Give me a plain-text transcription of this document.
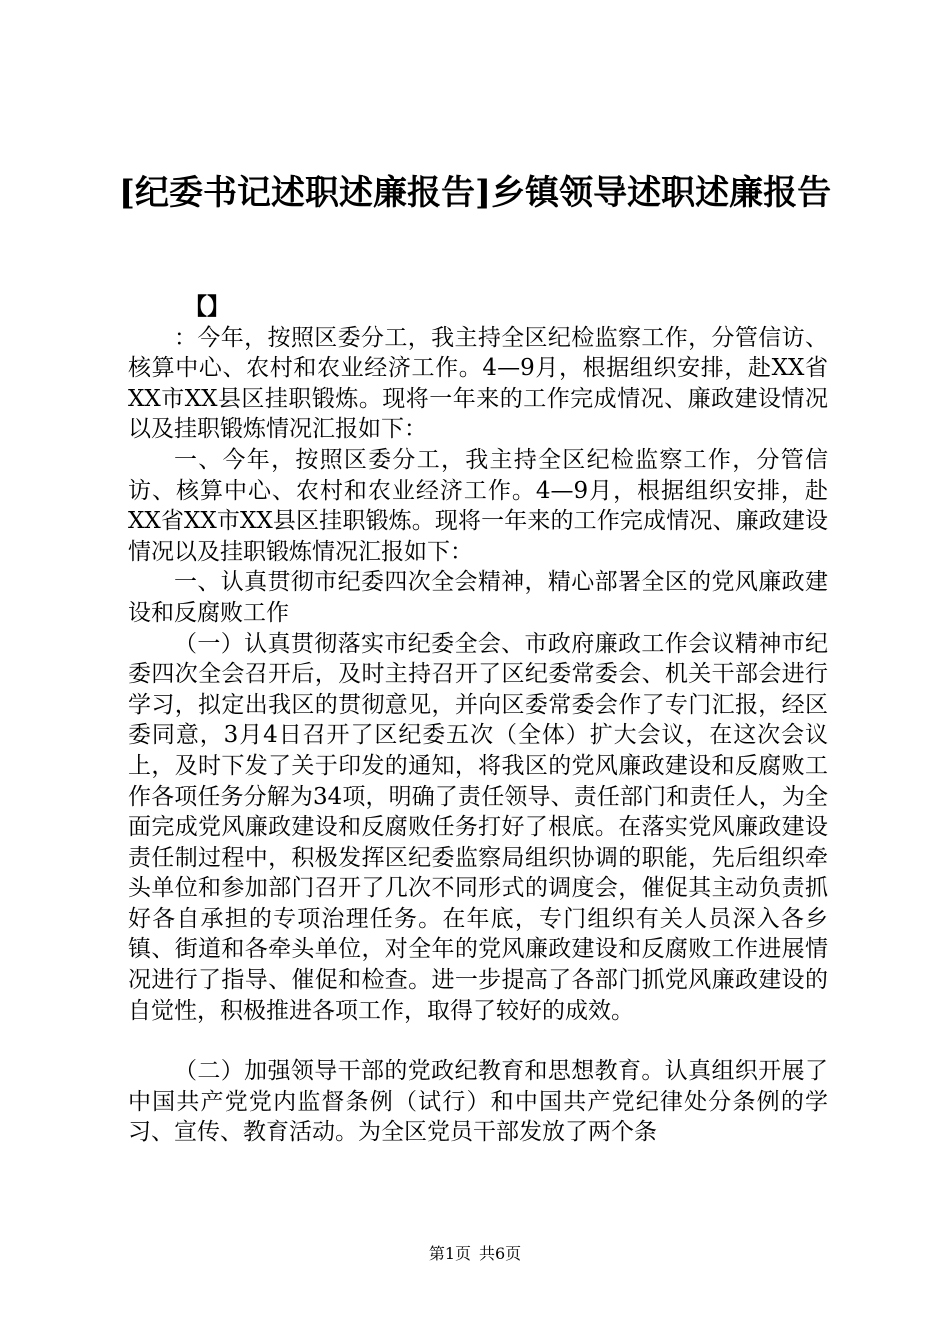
[纪委书记述职述廉报告]乡镇领导述职述廉报告

【】

：今年，按照区委分工，我主持全区纪检监察工作，分管信访、核算中心、农村和农业经济工作。4—9月，根据组织安排，赴XX省XX市XX县区挂职锻炼。现将一年来的工作完成情况、廉政建设情况以及挂职锻炼情况汇报如下：

一、今年，按照区委分工，我主持全区纪检监察工作，分管信访、核算中心、农村和农业经济工作。4—9月，根据组织安排，赴XX省XX市XX县区挂职锻炼。现将一年来的工作完成情况、廉政建设情况以及挂职锻炼情况汇报如下：

一、认真贯彻市纪委四次全会精神，精心部署全区的党风廉政建设和反腐败工作

（一）认真贯彻落实市纪委全会、市政府廉政工作会议精神市纪委四次全会召开后，及时主持召开了区纪委常委会、机关干部会进行学习，拟定出我区的贯彻意见，并向区委常委会作了专门汇报，经区委同意，3月4日召开了区纪委五次（全体）扩大会议，在这次会议上，及时下发了关于印发的通知，将我区的党风廉政建设和反腐败工作各项任务分解为34项，明确了责任领导、责任部门和责任人，为全面完成党风廉政建设和反腐败任务打好了根底。在落实党风廉政建设责任制过程中，积极发挥区纪委监察局组织协调的职能，先后组织牵头单位和参加部门召开了几次不同形式的调度会，催促其主动负责抓好各自承担的专项治理任务。在年底，专门组织有关人员深入各乡镇、街道和各牵头单位，对全年的党风廉政建设和反腐败工作进展情况进行了指导、催促和检查。进一步提高了各部门抓党风廉政建设的自觉性，积极推进各项工作，取得了较好的成效。

（二）加强领导干部的党政纪教育和思想教育。认真组织开展了中国共产党党内监督条例（试行）和中国共产党纪律处分条例的学习、宣传、教育活动。为全区党员干部发放了两个条

第1页 共6页
